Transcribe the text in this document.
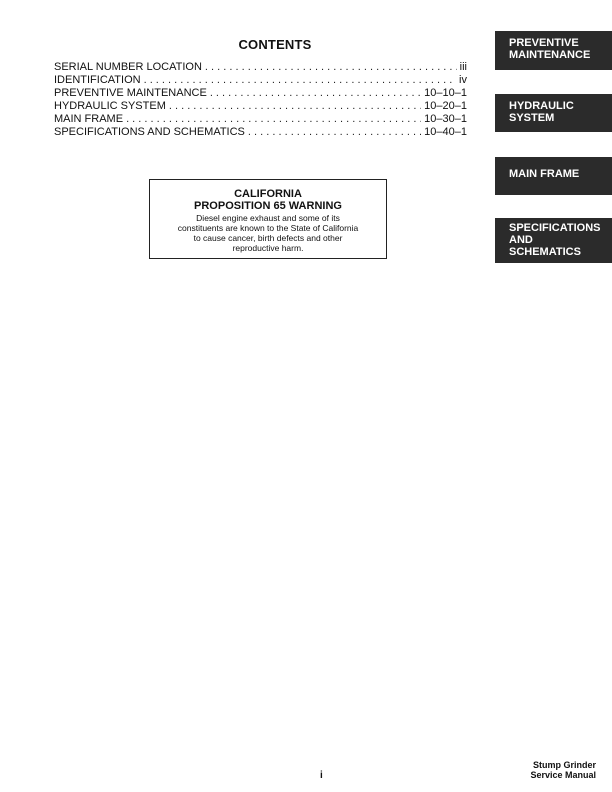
CONTENTS
SERIAL NUMBER LOCATION . . .	iii
IDENTIFICATION . . .	iv
PREVENTIVE MAINTENANCE . . .	10–10–1
HYDRAULIC SYSTEM . . .	10–20–1
MAIN FRAME . . .	10–30–1
SPECIFICATIONS AND SCHEMATICS . . .	10–40–1
CALIFORNIA
PROPOSITION 65 WARNING
Diesel engine exhaust and some of its
constituents are known to the State of California
to cause cancer, birth defects and other
reproductive harm.
PREVENTIVE
MAINTENANCE
HYDRAULIC
SYSTEM
MAIN FRAME
SPECIFICATIONS
AND
SCHEMATICS
i
Stump Grinder
Service Manual
